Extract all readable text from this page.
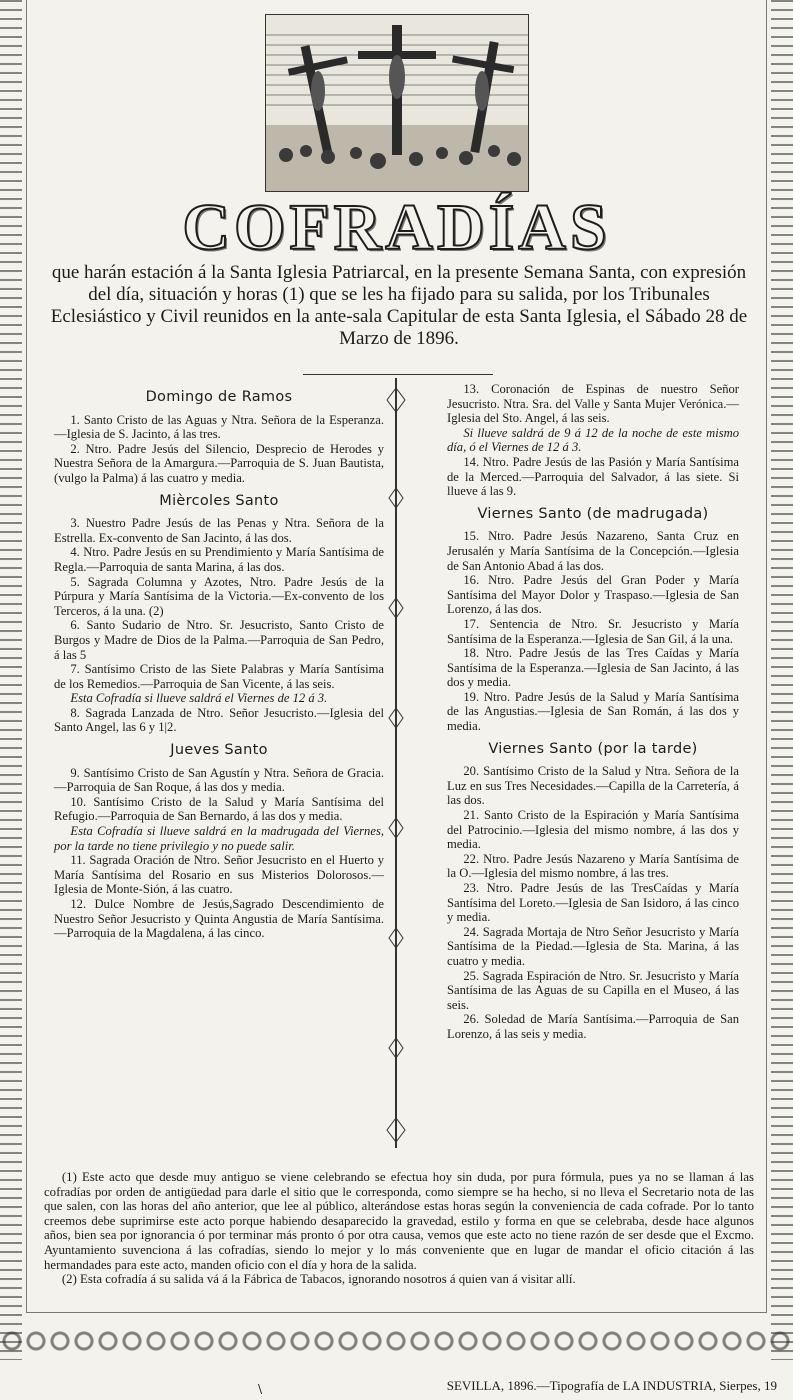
COFRADÍAS
que harán estación á la Santa Iglesia Patriarcal, en la presente Semana Santa, con expresión del día, situación y horas (1) que se les ha fijado para su salida, por los Tribunales Eclesiástico y Civil reunidos en la ante-sala Capitular de esta Santa Iglesia, el Sábado 28 de Marzo de 1896.
Domingo de Ramos

1. Santo Cristo de las Aguas y Ntra. Señora de la Esperanza.—Iglesia de S. Jacinto, á las tres.

2. Ntro. Padre Jesús del Silencio, Desprecio de Herodes y Nuestra Señora de la Amargura.—Parroquia de S. Juan Bautista, (vulgo la Palma) á las cuatro y media.

Mièrcoles Santo

3. Nuestro Padre Jesús de las Penas y Ntra. Señora de la Estrella. Ex-convento de San Jacinto, á las dos.

4. Ntro. Padre Jesús en su Prendimiento y María Santísima de Regla.—Parroquia de santa Marina, á las dos.

5. Sagrada Columna y Azotes, Ntro. Padre Jesús de la Púrpura y María Santísima de la Victoria.—Ex-convento de los Terceros, á la una. (2)

6. Santo Sudario de Ntro. Sr. Jesucristo, Santo Cristo de Burgos y Madre de Dios de la Palma.—Parroquia de San Pedro, á las 5

7. Santísimo Cristo de las Siete Palabras y María Santísima de los Remedios.—Parroquia de San Vicente, á las seis.

Esta Cofradía si llueve saldrá el Viernes de 12 á 3.

8. Sagrada Lanzada de Ntro. Señor Jesucristo.—Iglesia del Santo Angel, las 6 y 1|2.

Jueves Santo

9. Santísimo Cristo de San Agustín y Ntra. Señora de Gracia.—Parroquia de San Roque, á las dos y media.

10. Santísimo Cristo de la Salud y María Santísima del Refugio.—Parroquia de San Bernardo, á las dos y media.

Esta Cofradía si llueve saldrá en la madrugada del Viernes, por la tarde no tiene privilegio y no puede salir.

11. Sagrada Oración de Ntro. Señor Jesucristo en el Huerto y María Santísima del Rosario en sus Misterios Dolorosos.—Iglesia de Monte-Sión, á las cuatro.

12. Dulce Nombre de Jesús,Sagrado Descendimiento de Nuestro Señor Jesucristo y Quinta Angustia de María Santísima.—Parroquia de la Magdalena, á las cinco.

13. Coronación de Espinas de nuestro Señor Jesucristo. Ntra. Sra. del Valle y Santa Mujer Verónica.—Iglesia del Sto. Angel, á las seis.

Si llueve saldrá de 9 á 12 de la noche de este mismo día, ó el Viernes de 12 á 3.

14. Ntro. Padre Jesús de las Pasión y María Santísima de la Merced.—Parroquia del Salvador, á las siete. Si llueve á las 9.

Viernes Santo (de madrugada)

15. Ntro. Padre Jesús Nazareno, Santa Cruz en Jerusalén y María Santísima de la Concepción.—Iglesia de San Antonio Abad á las dos.

16. Ntro. Padre Jesús del Gran Poder y María Santísima del Mayor Dolor y Traspaso.—Iglesia de San Lorenzo, á las dos.

17. Sentencia de Ntro. Sr. Jesucristo y María Santísima de la Esperanza.—Iglesia de San Gil, á la una.

18. Ntro. Padre Jesús de las Tres Caídas y María Santísima de la Esperanza.—Iglesia de San Jacinto, á las dos y media.

19. Ntro. Padre Jesús de la Salud y María Santísima de las Angustias.—Iglesia de San Román, á las dos y media.

Viernes Santo (por la tarde)

20. Santísimo Cristo de la Salud y Ntra. Señora de la Luz en sus Tres Necesidades.—Capilla de la Carretería, á las dos.

21. Santo Cristo de la Espiración y María Santísima del Patrocinio.—Iglesia del mismo nombre, á las dos y media.

22. Ntro. Padre Jesús Nazareno y María Santísima de la O.—Iglesia del mismo nombre, á las tres.

23. Ntro. Padre Jesús de las TresCaídas y María Santísima del Loreto.—Iglesia de San Isidoro, á las cinco y media.

24. Sagrada Mortaja de Ntro Señor Jesucristo y María Santísima de la Piedad.—Iglesia de Sta. Marina, á las cuatro y media.

25. Sagrada Espiración de Ntro. Sr. Jesucristo y María Santísima de las Aguas de su Capilla en el Museo, á las seis.

26. Soledad de María Santísima.—Parroquia de San Lorenzo, á las seis y media.

(1) Este acto que desde muy antiguo se viene celebrando se efectua hoy sin duda, por pura fórmula, pues ya no se llaman á las cofradías por orden de antigüedad para darle el sitio que le corresponda, como siempre se ha hecho, si no lleva el Secretario nota de las que salen, con las horas del año anterior, que lee al público, alterándose estas horas según la conveniencia de cada cofrade. Por lo tanto creemos debe suprimirse este acto porque habiendo desaparecido la gravedad, estilo y forma en que se celebraba, desde hace algunos años, bien sea por ignorancia ó por terminar más pronto ó por otra causa, vemos que este acto no tiene razón de ser desde que el Excmo. Ayuntamiento suvenciona á las cofradías, siendo lo mejor y lo más conveniente que en lugar de mandar el oficio citación á las hermandades para este acto, manden oficio con el día y hora de la salida.

(2) Esta cofradía á su salida vá á la Fábrica de Tabacos, ignorando nosotros á quien van á visitar allí.

\	SEVILLA, 1896.—Tipografía de LA INDUSTRIA, Sierpes, 19
